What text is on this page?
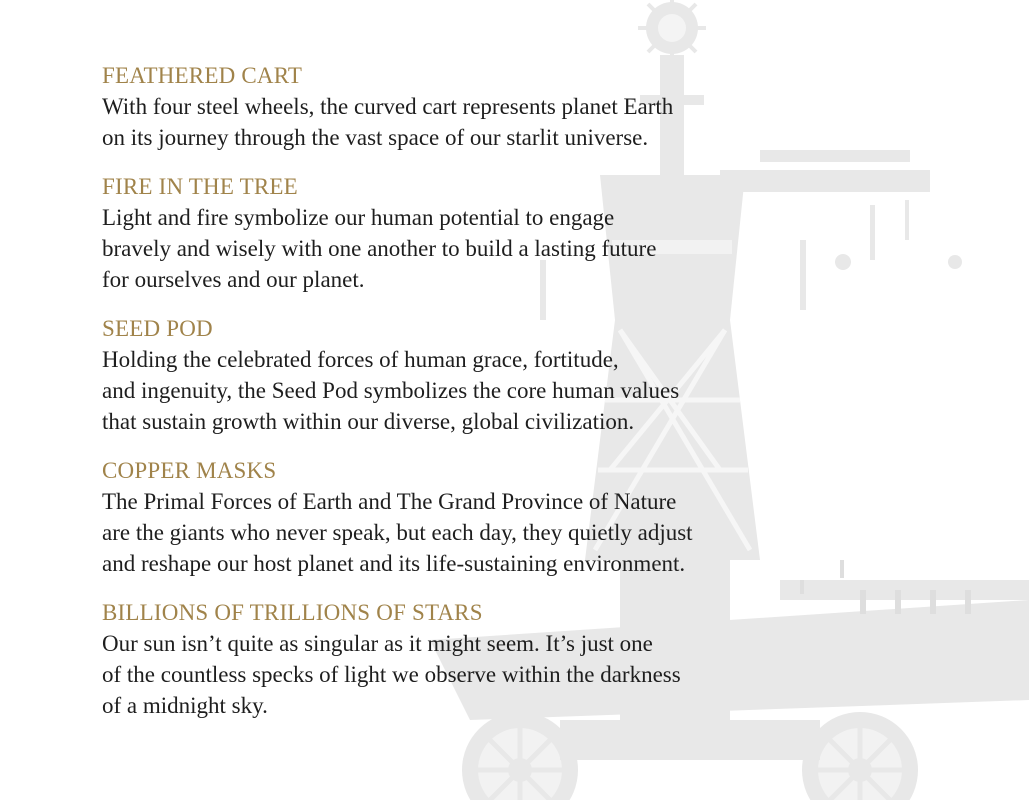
FEATHERED CART
With four steel wheels, the curved cart represents planet Earth
on its journey through the vast space of our starlit universe.
FIRE IN THE TREE
Light and fire symbolize our human potential to engage
bravely and wisely with one another to build a lasting future
for ourselves and our planet.
SEED POD
Holding the celebrated forces of human grace, fortitude,
and ingenuity, the Seed Pod symbolizes the core human values
that sustain growth within our diverse, global civilization.
COPPER MASKS
The Primal Forces of Earth and The Grand Province of Nature
are the giants who never speak, but each day, they quietly adjust
and reshape our host planet and its life-sustaining environment.
BILLIONS OF TRILLIONS OF STARS
Our sun isn’t quite as singular as it might seem. It’s just one
of the countless specks of light we observe within the darkness
of a midnight sky.
